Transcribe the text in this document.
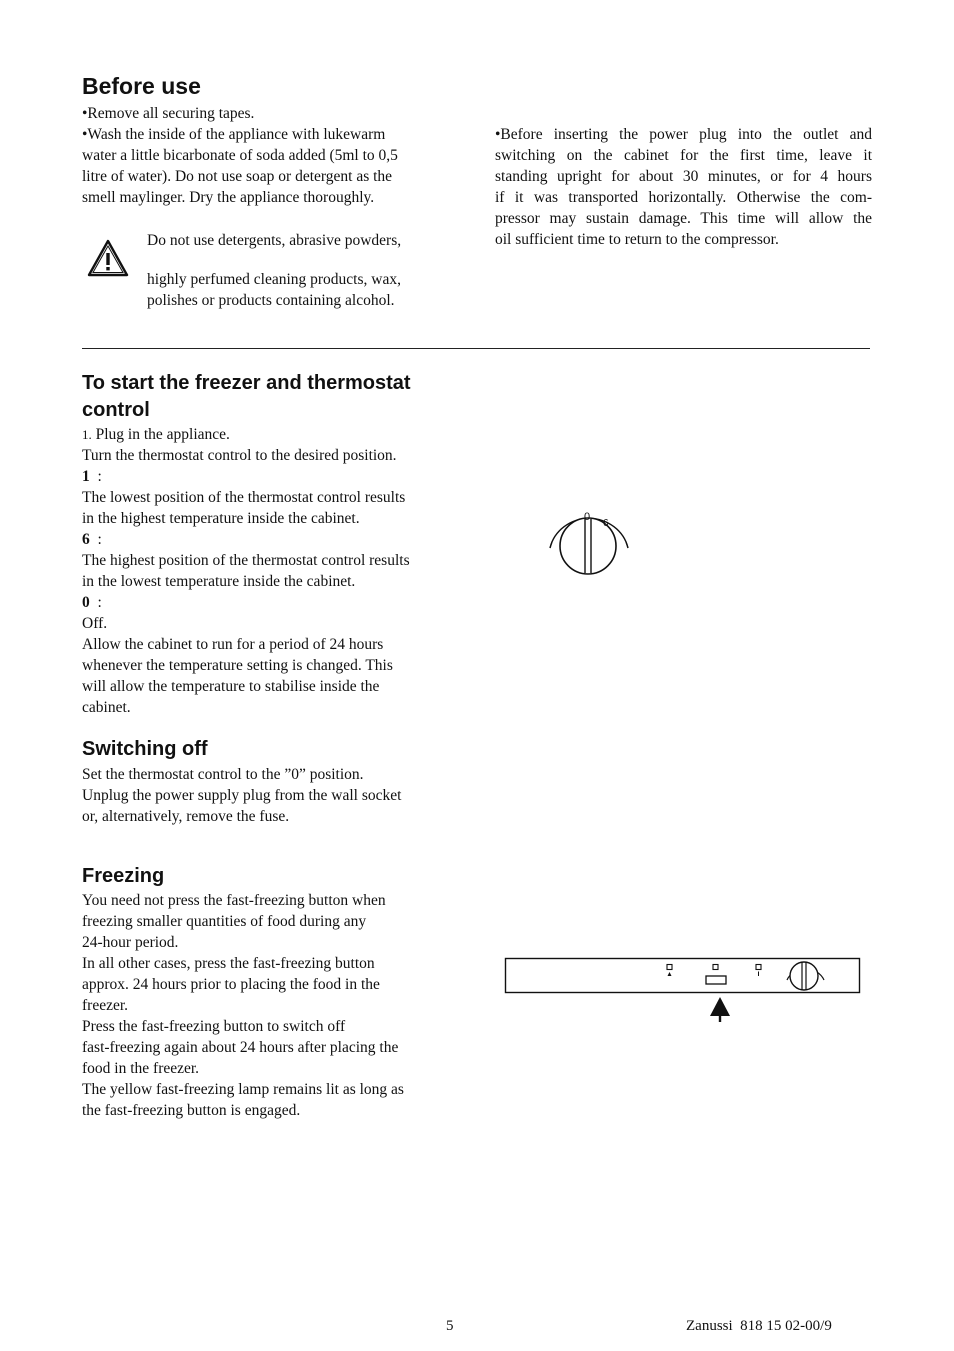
Before use
•Remove all securing tapes.
•Wash the inside of the appliance with lukewarm
water a little bicarbonate of soda added (5ml to 0,5
litre of water). Do not use soap or detergent as the
smell maylinger. Dry the appliance thoroughly.
Do not use detergents, abrasive powders,
highly perfumed cleaning products, wax,
polishes or products containing alcohol.
•Before inserting the power plug into the outlet and
switching on the cabinet for the first time, leave it
standing upright for about 30 minutes, or for 4 hours
if it was transported horizontally. Otherwise the com-
pressor may sustain damage. This time will allow the
oil sufficient time to return to the compressor.
To start the freezer and thermostat
control
1. Plug in the appliance.
Turn the thermostat control to the desired position.
1  :
The lowest position of the thermostat control results
in the highest temperature inside the cabinet.
6  :
The highest position of the thermostat control results
in the lowest temperature inside the cabinet.
0  :
Off.
Allow the cabinet to run for a period of 24 hours
whenever the temperature setting is changed. This
will allow the temperature to stabilise inside the
cabinet.
0
6
Switching off
Set the thermostat control to the ”0” position.
Unplug the power supply plug from the wall socket
or, alternatively, remove the fuse.
Freezing
You need not press the fast-freezing button when
freezing smaller quantities of food during any
24-hour period.
In all other cases, press the fast-freezing button
approx. 24 hours prior to placing the food in the
freezer.
Press the fast-freezing button to switch off
fast-freezing again about 24 hours after placing the
food in the freezer.
The yellow fast-freezing lamp remains lit as long as
the fast-freezing button is engaged.
5	Zanussi  818 15 02-00/9
